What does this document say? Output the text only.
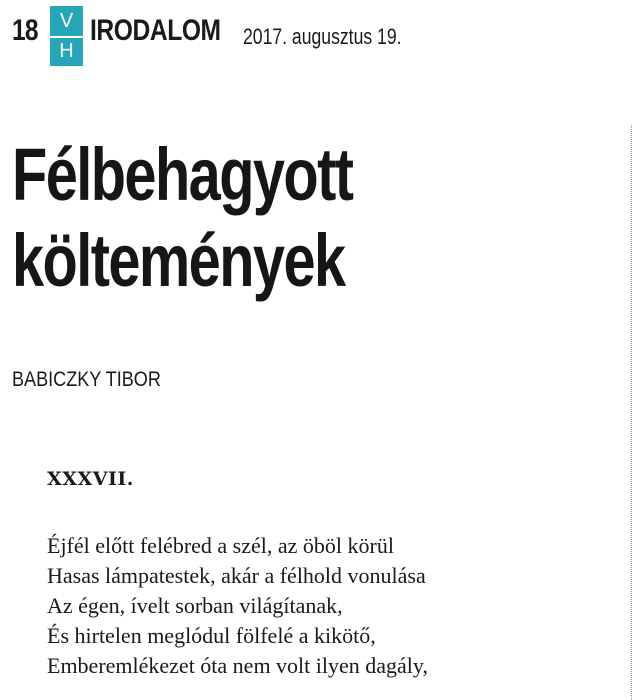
18	V
H
IRODALOM 2017. augusztus 19.
Félbehagyott
költemények
BABICZKY TIBOR
XXXVII.
Éjfél előtt felébred a szél, az öböl körül
Hasas lámpatestek, akár a félhold vonulása
Az égen, ívelt sorban világítanak,
És hirtelen meglódul fölfelé a kikötő,
Emberemlékezet óta nem volt ilyen dagály,
